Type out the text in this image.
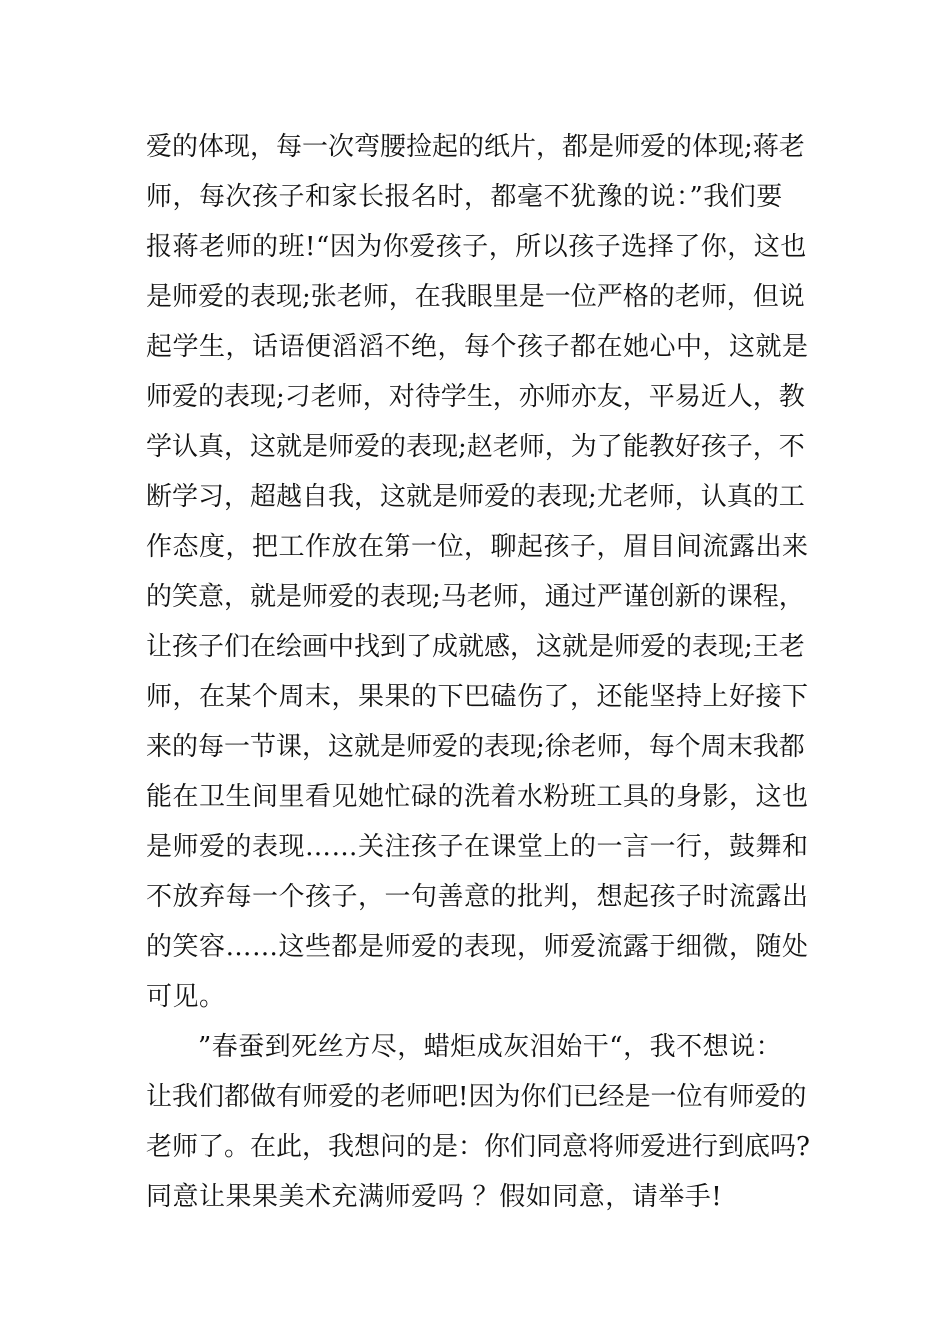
爱的体现，每一次弯腰捡起的纸片，都是师爱的体现;蒋老
师，每次孩子和家长报名时，都毫不犹豫的说：”我们要
报蒋老师的班!“因为你爱孩子，所以孩子选择了你，这也
是师爱的表现;张老师，在我眼里是一位严格的老师，但说
起学生，话语便滔滔不绝，每个孩子都在她心中，这就是
师爱的表现;刁老师，对待学生，亦师亦友，平易近人，教
学认真，这就是师爱的表现;赵老师，为了能教好孩子，不
断学习，超越自我，这就是师爱的表现;尤老师，认真的工
作态度，把工作放在第一位，聊起孩子，眉目间流露出来
的笑意，就是师爱的表现;马老师，通过严谨创新的课程，
让孩子们在绘画中找到了成就感，这就是师爱的表现;王老
师，在某个周末，果果的下巴磕伤了，还能坚持上好接下
来的每一节课，这就是师爱的表现;徐老师，每个周末我都
能在卫生间里看见她忙碌的洗着水粉班工具的身影，这也
是师爱的表现……关注孩子在课堂上的一言一行，鼓舞和
不放弃每一个孩子，一句善意的批判，想起孩子时流露出
的笑容……这些都是师爱的表现，师爱流露于细微，随处
可见。
”春蚕到死丝方尽，蜡炬成灰泪始干“，我不想说：
让我们都做有师爱的老师吧!因为你们已经是一位有师爱的
老师了。在此，我想问的是：你们同意将师爱进行到底吗?
同意让果果美术充满师爱吗 ？假如同意，请举手!
